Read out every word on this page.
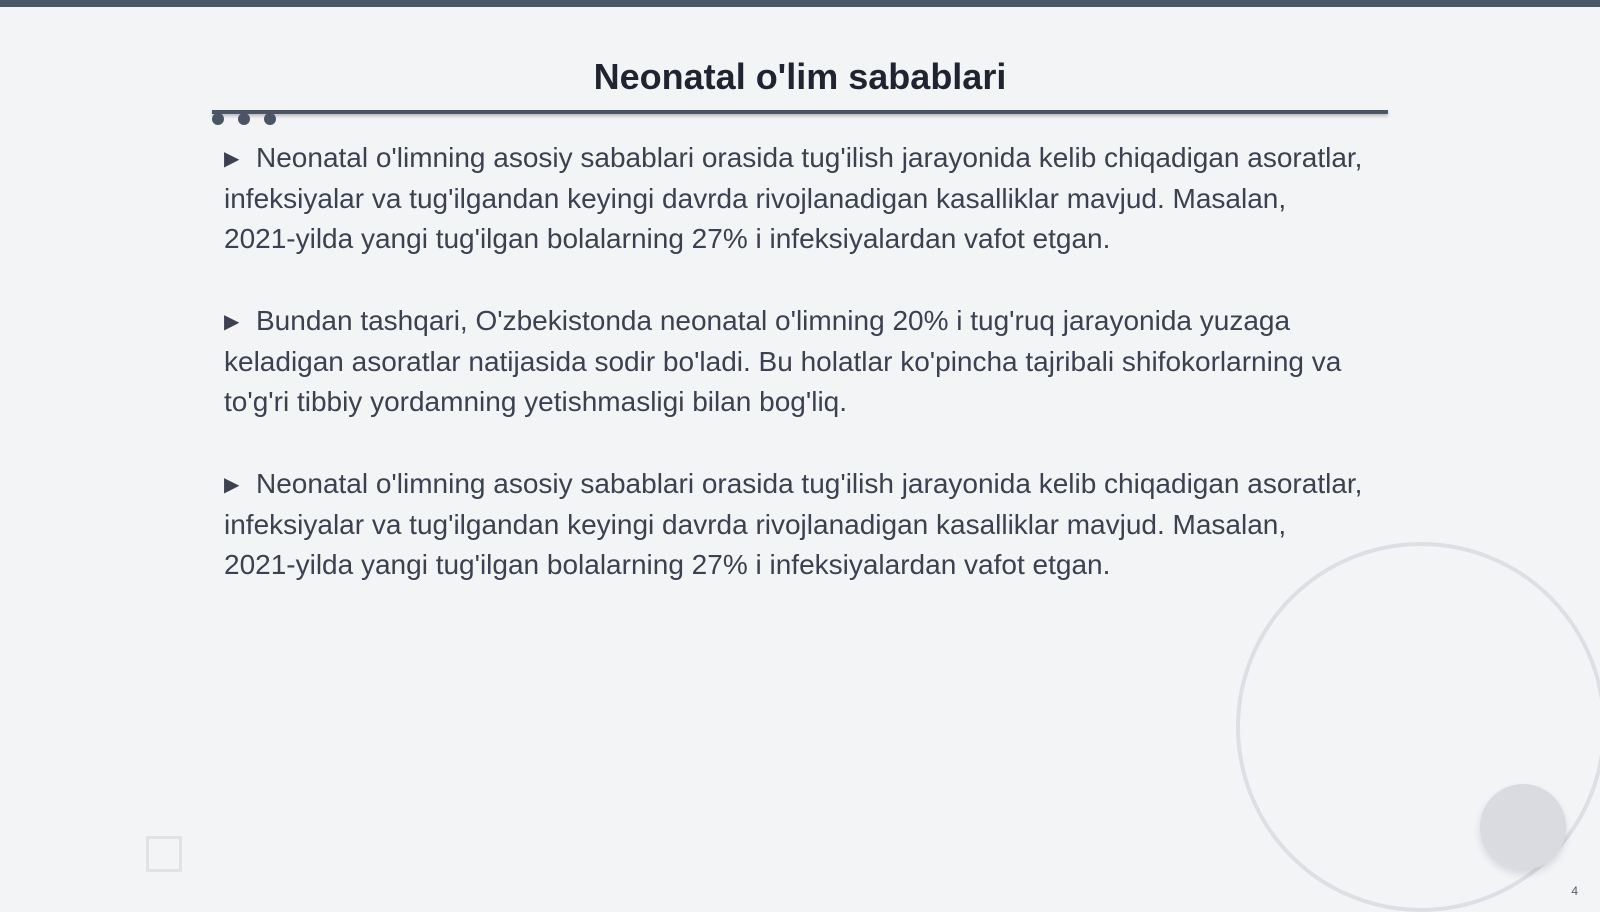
Neonatal o'lim sabablari

▶ Neonatal o'limning asosiy sabablari orasida tug'ilish jarayonida kelib chiqadigan asoratlar, infeksiyalar va tug'ilgandan keyingi davrda rivojlanadigan kasalliklar mavjud. Masalan, 2021-yilda yangi tug'ilgan bolalarning 27% i infeksiyalardan vafot etgan.

▶ Bundan tashqari, O'zbekistonda neonatal o'limning 20% i tug'ruq jarayonida yuzaga keladigan asoratlar natijasida sodir bo'ladi. Bu holatlar ko'pincha tajribali shifokorlarning va to'g'ri tibbiy yordamning yetishmasligi bilan bog'liq.

▶ Neonatal o'limning asosiy sabablari orasida tug'ilish jarayonida kelib chiqadigan asoratlar, infeksiyalar va tug'ilgandan keyingi davrda rivojlanadigan kasalliklar mavjud. Masalan, 2021-yilda yangi tug'ilgan bolalarning 27% i infeksiyalardan vafot etgan.

4
